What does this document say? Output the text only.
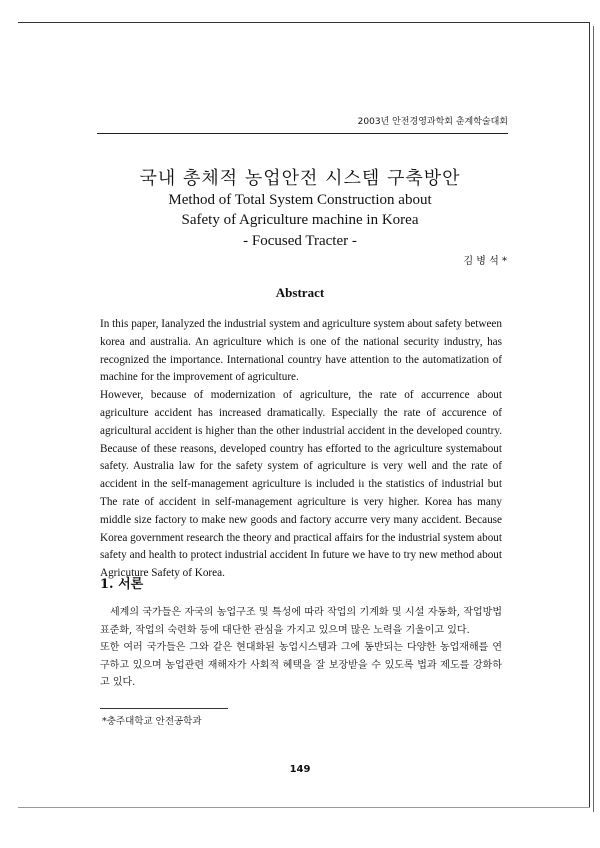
2003년 안전경영과학회 춘계학술대회
국내 총체적 농업안전 시스템 구축방안
Method of Total System Construction about
Safety of Agriculture machine in Korea
- Focused Tracter -
김 병 석 *
Abstract

In this paper, Ianalyzed the industrial system and agriculture system about safety between korea and australia. An agriculture which is one of the national security industry, has recognized the importance. International country have attention to the automatization of machine for the improvement of agriculture.

However, because of modernization of agriculture, the rate of accurrence about agriculture accident has increased dramatically. Especially the rate of accurence of agricultural accident is higher than the other industrial accident in the developed country. Because of these reasons, developed country has efforted to the agriculture systemabout safety. Australia law for the safety system of agriculture is very well and the rate of accident in the self-management agriculture is included iı the statistics of industrial but The rate of accident in self-management agriculture is very higher. Korea has many middle size factory to make new goods and factory accurre very many accident. Because Korea government research the theory and practical affairs for the industrial system about safety and health to protect industrial accident In future we have to try new method about Agricuture Safety of Korea.

1. 서론

세계의 국가들은 자국의 농업구조 및 특성에 따라 작업의 기계화 및 시설 자동화, 작업방법표준화, 작업의 숙련화 등에 대단한 관심을 가지고 있으며 많은 노력을 기울이고 있다.

또한 여러 국가들은 그와 같은 현대화된 농업시스템과 그에 동반되는 다양한 농업재해를 연구하고 있으며 농업관련 재해자가 사회적 혜택을 잘 보장받을 수 있도록 법과 제도를 강화하고 있다.

*충주대학교 안전공학과
149
